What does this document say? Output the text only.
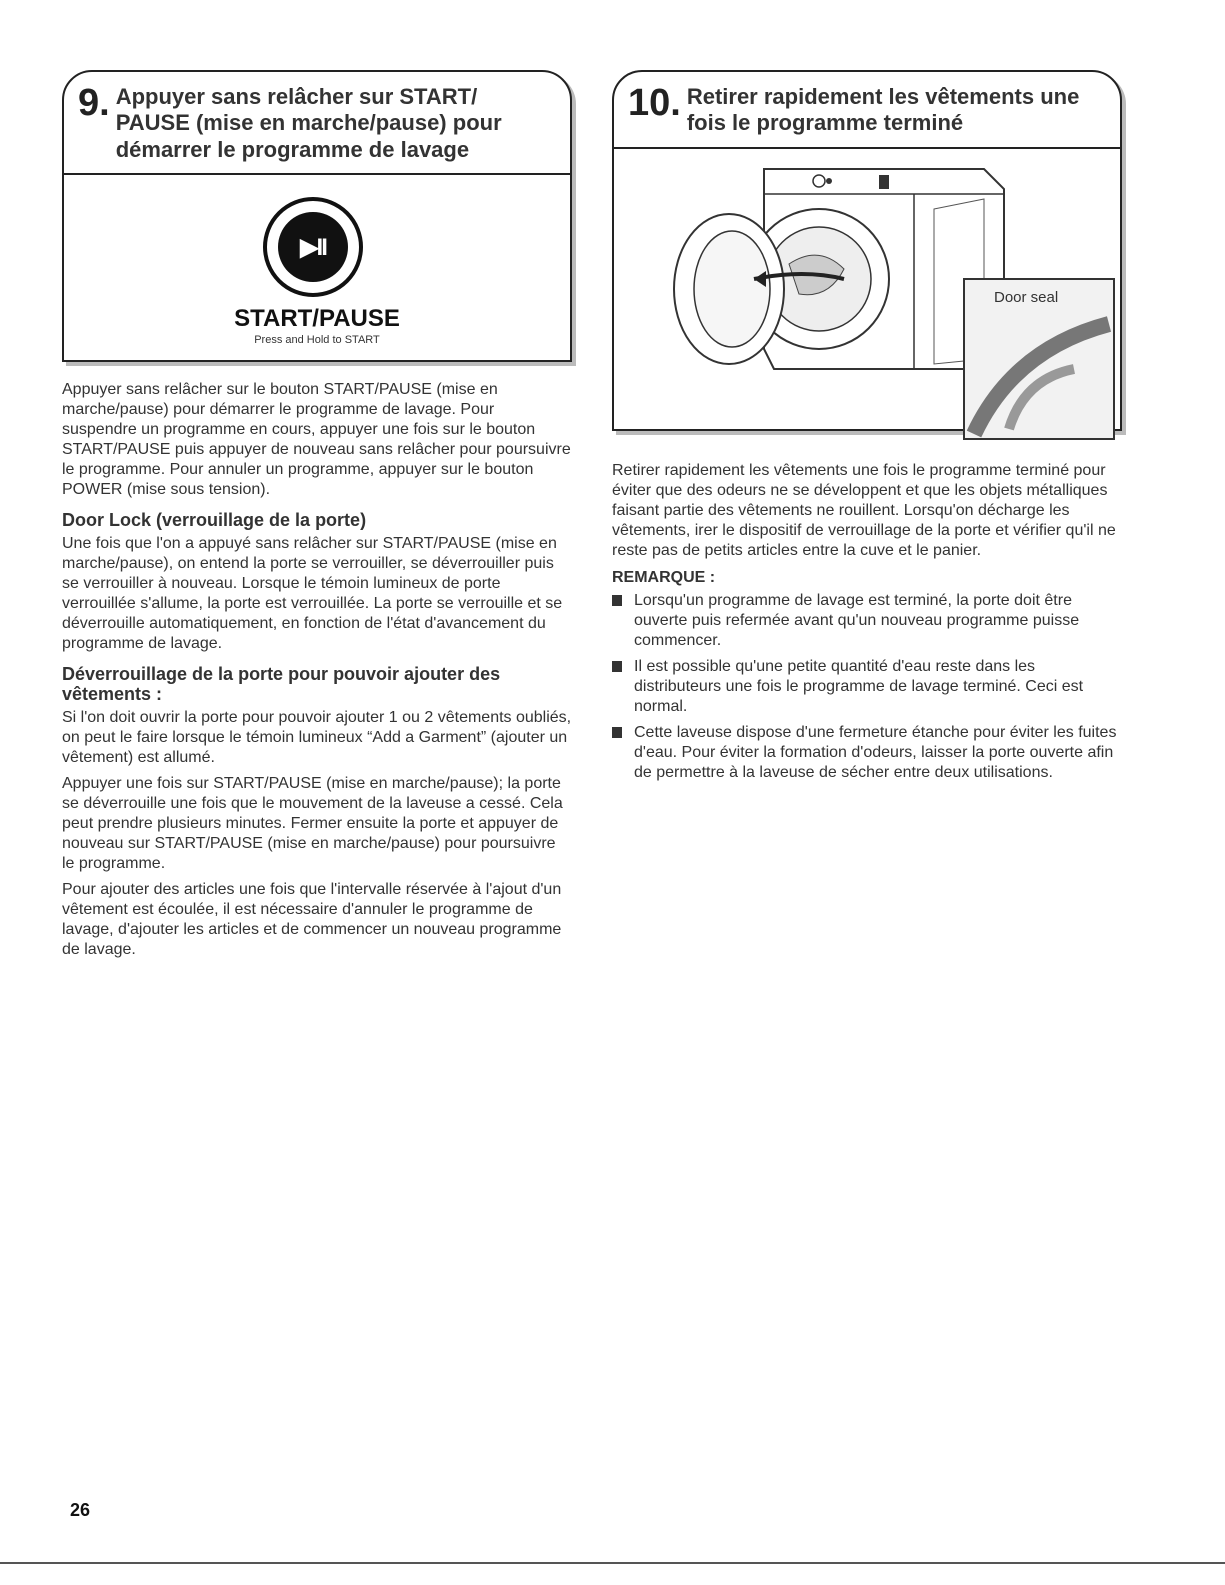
9. Appuyer sans relâcher sur START/ PAUSE (mise en marche/pause) pour démarrer le programme de lavage
▶II
START/PAUSE
Press and Hold to START

Appuyer sans relâcher sur le bouton START/PAUSE (mise en marche/pause) pour démarrer le programme de lavage. Pour suspendre un programme en cours, appuyer une fois sur le bouton START/PAUSE puis appuyer de nouveau sans relâcher pour poursuivre le programme. Pour annuler un programme, appuyer sur le bouton POWER (mise sous tension).

Door Lock (verrouillage de la porte)

Une fois que l'on a appuyé sans relâcher sur START/PAUSE (mise en marche/pause), on entend la porte se verrouiller, se déverrouiller puis se verrouiller à nouveau. Lorsque le témoin lumineux de porte verrouillée s'allume, la porte est verrouillée. La porte se verrouille et se déverrouille automatiquement, en fonction de l'état d'avancement du programme de lavage.

Déverrouillage de la porte pour pouvoir ajouter des vêtements :

Si l'on doit ouvrir la porte pour pouvoir ajouter 1 ou 2 vêtements oubliés, on peut le faire lorsque le témoin lumineux “Add a Garment” (ajouter un vêtement) est allumé.

Appuyer une fois sur START/PAUSE (mise en marche/pause); la porte se déverrouille une fois que le mouvement de la laveuse a cessé. Cela peut prendre plusieurs minutes. Fermer ensuite la porte et appuyer de nouveau sur START/PAUSE (mise en marche/pause) pour poursuivre le programme.

Pour ajouter des articles une fois que l'intervalle réservée à l'ajout d'un vêtement est écoulée, il est nécessaire d'annuler le programme de lavage, d'ajouter les articles et de commencer un nouveau programme de lavage.

10. Retirer rapidement les vêtements une fois le programme terminé
Door seal

Retirer rapidement les vêtements une fois le programme terminé pour éviter que des odeurs ne se développent et que les objets métalliques faisant partie des vêtements ne rouillent. Lorsqu'on décharge les vêtements, irer le dispositif de verrouillage de la porte et vérifier qu'il ne reste pas de petits articles entre la cuve et le panier.

REMARQUE :
Lorsqu'un programme de lavage est terminé, la porte doit être ouverte puis refermée avant qu'un nouveau programme puisse commencer.
Il est possible qu'une petite quantité d'eau reste dans les distributeurs une fois le programme de lavage terminé. Ceci est normal.
Cette laveuse dispose d'une fermeture étanche pour éviter les fuites d'eau. Pour éviter la formation d'odeurs, laisser la porte ouverte afin de permettre à la laveuse de sécher entre deux utilisations.
26
